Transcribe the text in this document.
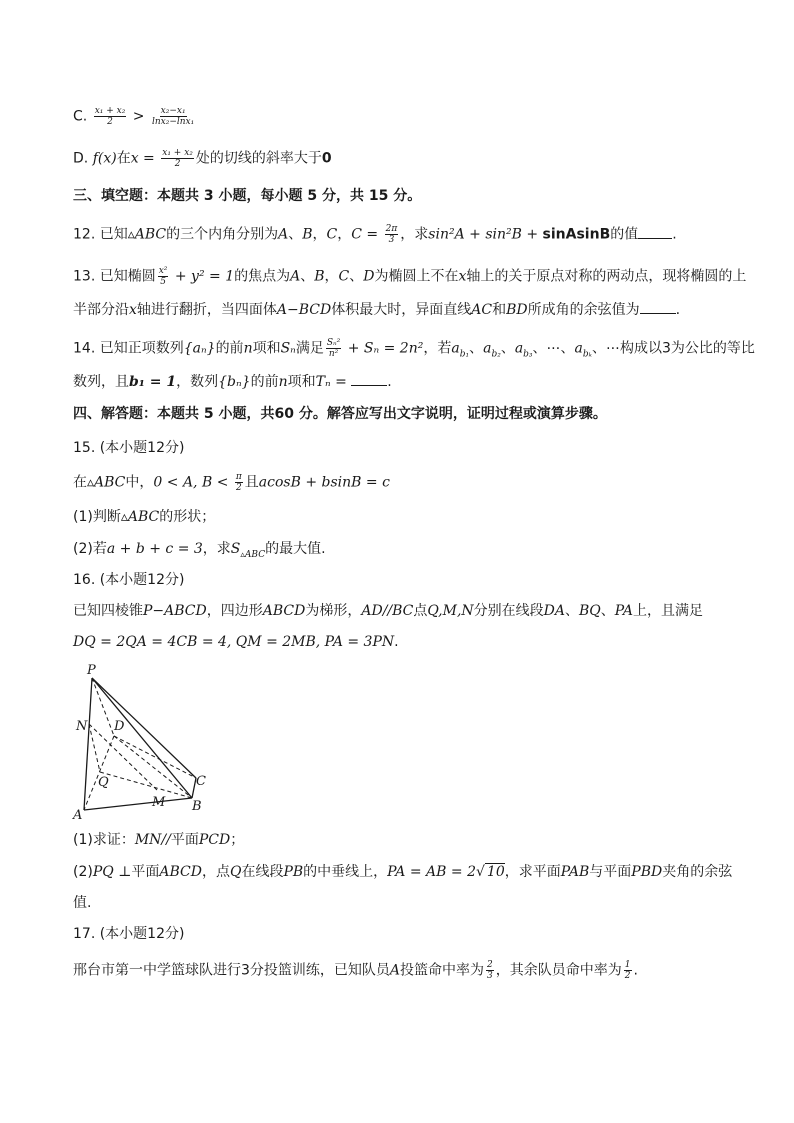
C. $\frac{\text{x₁ + x₂}}{2} > \frac{\text{x₂−x₁}}{\text{lnx₂−lnx₁}}$
D. f(x)在$x = \frac{\text{x₁ + x₂}}{2}$ 处的切线的斜率大于0
三、填空题：本题共 3 小题，每小题 5 分，共 15 分。
12. 已知▵ABC的三个内角分别为A、B，C，$C = \frac{2\pi}{3}$ ，求sin²A + sin²B + sinAsinB的值 .
13. 已知椭圆 $\frac{\text{x²}}{5} + y^2 = 1$的焦点为A、B，C、D为椭圆上不在x轴上的关于原点对称的两动点，现将椭圆的上
半部分沿x轴进行翻折，当四面体A−BCD体积最大时，异面直线AC和BD所成角的余弦值为	.
14. 已知正项数列{aₙ}的前n项和Sₙ满足 $\frac{\text{Sₙ²}}{\text{n²}} + S_n = 2n^2$，若$a_{b_1}$、$a_{b_2}$、$a_{b_3}$、⋯、$a_{b_k}$、⋯构成以3为公比的等比
数列，且b₁ = 1，数列{bₙ}的前n项和Tₙ =	.
四、解答题：本题共 5 小题，共60 分。解答应写出文字说明，证明过程或演算步骤。
15. (本小题12分)
在▵ABC中，0 < A, $B < \frac{\pi}{2}$ 且acosB + bsinB = c
(1)判断▵ABC的形状；
(2)若a + b + c = 3，求$S_{▵ABC}$的最大值.
16. (本小题12分)
已知四棱锥P−ABCD，四边形ABCD为梯形，AD//BC点Q,M,N分别在线段DA、BQ、PA上，且满足
DQ = 2QA = 4CB = 4, QM = 2MB, PA = 3PN.
P
N D
Q	C
M
A
B
(1)求证：MN//平面PCD；
(2)PQ ⊥平面ABCD，点Q在线段PB的中垂线上，PA = AB = 2√ 10，求平面PAB与平面PBD夹角的余弦
值.
17. (本小题12分)
邢台市第一中学篮球队进行3分投篮训练，已知队员A投篮命中率为 $\frac{2}{3}$ ，其余队员命中率为 $\frac{1}{2}$ .
